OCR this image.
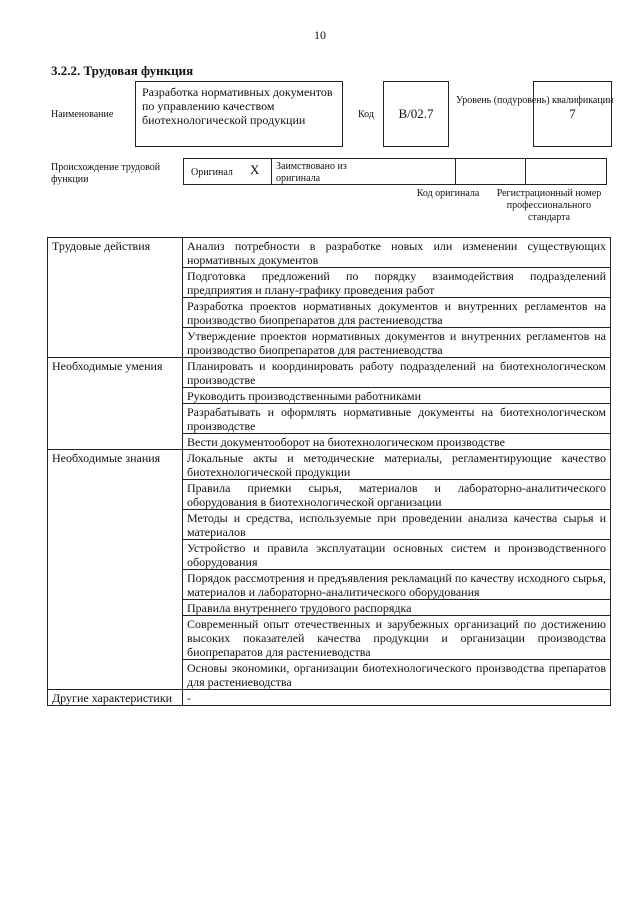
10
3.2.2. Трудовая функция
Наименование
Разработка нормативных документов по управлению качеством биотехнологической продукции	Код	B/02.7
Уровень (подуровень) квалификации
7
Происхождение трудовой функции
Оригинал X Заимствовано из оригинала
Код оригинала	Регистрационный номер профессионального стандарта
Трудовые действия	Анализ потребности в разработке новых или изменении существующих нормативных документов
	Подготовка предложений по порядку взаимодействия подразделений предприятия и плану-графику проведения работ
	Разработка проектов нормативных документов и внутренних регламентов на производство биопрепаратов для растениеводства
	Утверждение проектов нормативных документов и внутренних регламентов на производство биопрепаратов для растениеводства
Необходимые умения	Планировать и координировать работу подразделений на биотехнологическом производстве
	Руководить производственными работниками
	Разрабатывать и оформлять нормативные документы на биотехнологическом производстве
	Вести документооборот на биотехнологическом производстве
Необходимые знания	Локальные акты и методические материалы, регламентирующие качество биотехнологической продукции
	Правила приемки сырья, материалов и лабораторно-аналитического оборудования в биотехнологической организации
	Методы и средства, используемые при проведении анализа качества сырья и материалов
	Устройство и правила эксплуатации основных систем и производственного оборудования
	Порядок рассмотрения и предъявления рекламаций по качеству исходного сырья, материалов и лабораторно-аналитического оборудования
	Правила внутреннего трудового распорядка
	Современный опыт отечественных и зарубежных организаций по достижению высоких показателей качества продукции и организации производства биопрепаратов для растениеводства
	Основы экономики, организации биотехнологического производства препаратов для растениеводства
Другие характеристики	-
